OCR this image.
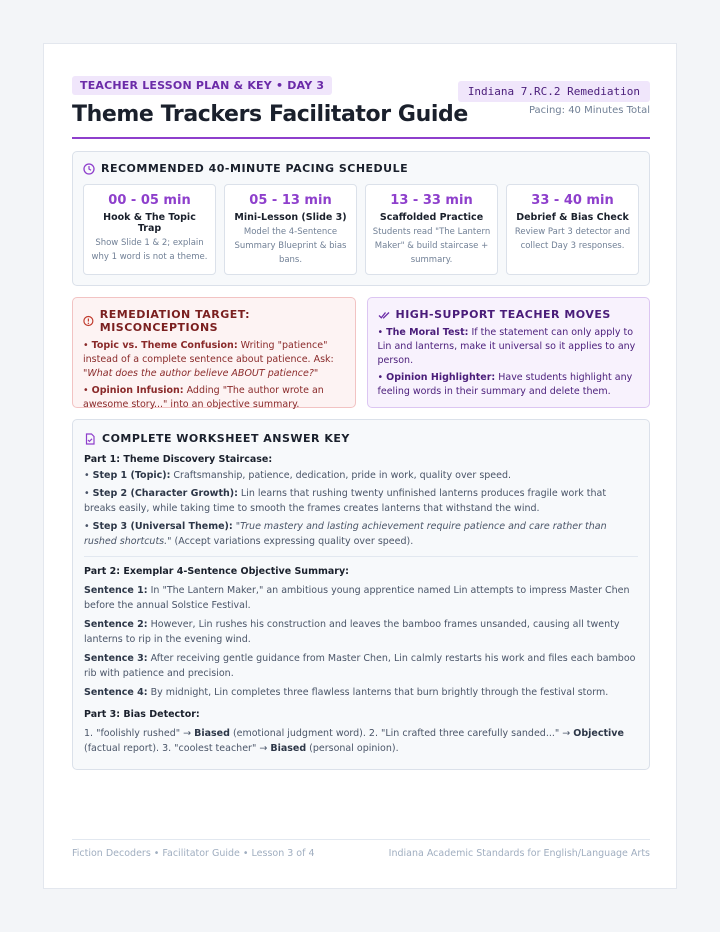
TEACHER LESSON PLAN & KEY • DAY 3
Theme Trackers Facilitator Guide
Indiana 7.RC.2 Remediation
Pacing: 40 Minutes Total
RECOMMENDED 40-MINUTE PACING SCHEDULE
00 - 05 min
Hook & The Topic Trap
Show Slide 1 & 2; explain why 1 word is not a theme.
05 - 13 min
Mini-Lesson (Slide 3)
Model the 4-Sentence Summary Blueprint & bias bans.
13 - 33 min
Scaffolded Practice
Students read "The Lantern Maker" & build staircase + summary.
33 - 40 min
Debrief & Bias Check
Review Part 3 detector and collect Day 3 responses.
REMEDIATION TARGET: MISCONCEPTIONS
• Topic vs. Theme Confusion: Writing "patience" instead of a complete sentence about patience. Ask: "What does the author believe ABOUT patience?"
• Opinion Infusion: Adding "The author wrote an awesome story..." into an objective summary.
HIGH-SUPPORT TEACHER MOVES
• The Moral Test: If the statement can only apply to Lin and lanterns, make it universal so it applies to any person.
• Opinion Highlighter: Have students highlight any feeling words in their summary and delete them.
COMPLETE WORKSHEET ANSWER KEY
Part 1: Theme Discovery Staircase:
• Step 1 (Topic): Craftsmanship, patience, dedication, pride in work, quality over speed.
• Step 2 (Character Growth): Lin learns that rushing twenty unfinished lanterns produces fragile work that breaks easily, while taking time to smooth the frames creates lanterns that withstand the wind.
• Step 3 (Universal Theme): "True mastery and lasting achievement require patience and care rather than rushed shortcuts." (Accept variations expressing quality over speed).
Part 2: Exemplar 4-Sentence Objective Summary:
Sentence 1: In "The Lantern Maker," an ambitious young apprentice named Lin attempts to impress Master Chen before the annual Solstice Festival.
Sentence 2: However, Lin rushes his construction and leaves the bamboo frames unsanded, causing all twenty lanterns to rip in the evening wind.
Sentence 3: After receiving gentle guidance from Master Chen, Lin calmly restarts his work and files each bamboo rib with patience and precision.
Sentence 4: By midnight, Lin completes three flawless lanterns that burn brightly through the festival storm.
Part 3: Bias Detector:
1. "foolishly rushed" → Biased (emotional judgment word). 2. "Lin crafted three carefully sanded..." → Objective (factual report). 3. "coolest teacher" → Biased (personal opinion).
Fiction Decoders • Facilitator Guide • Lesson 3 of 4	Indiana Academic Standards for English/Language Arts
